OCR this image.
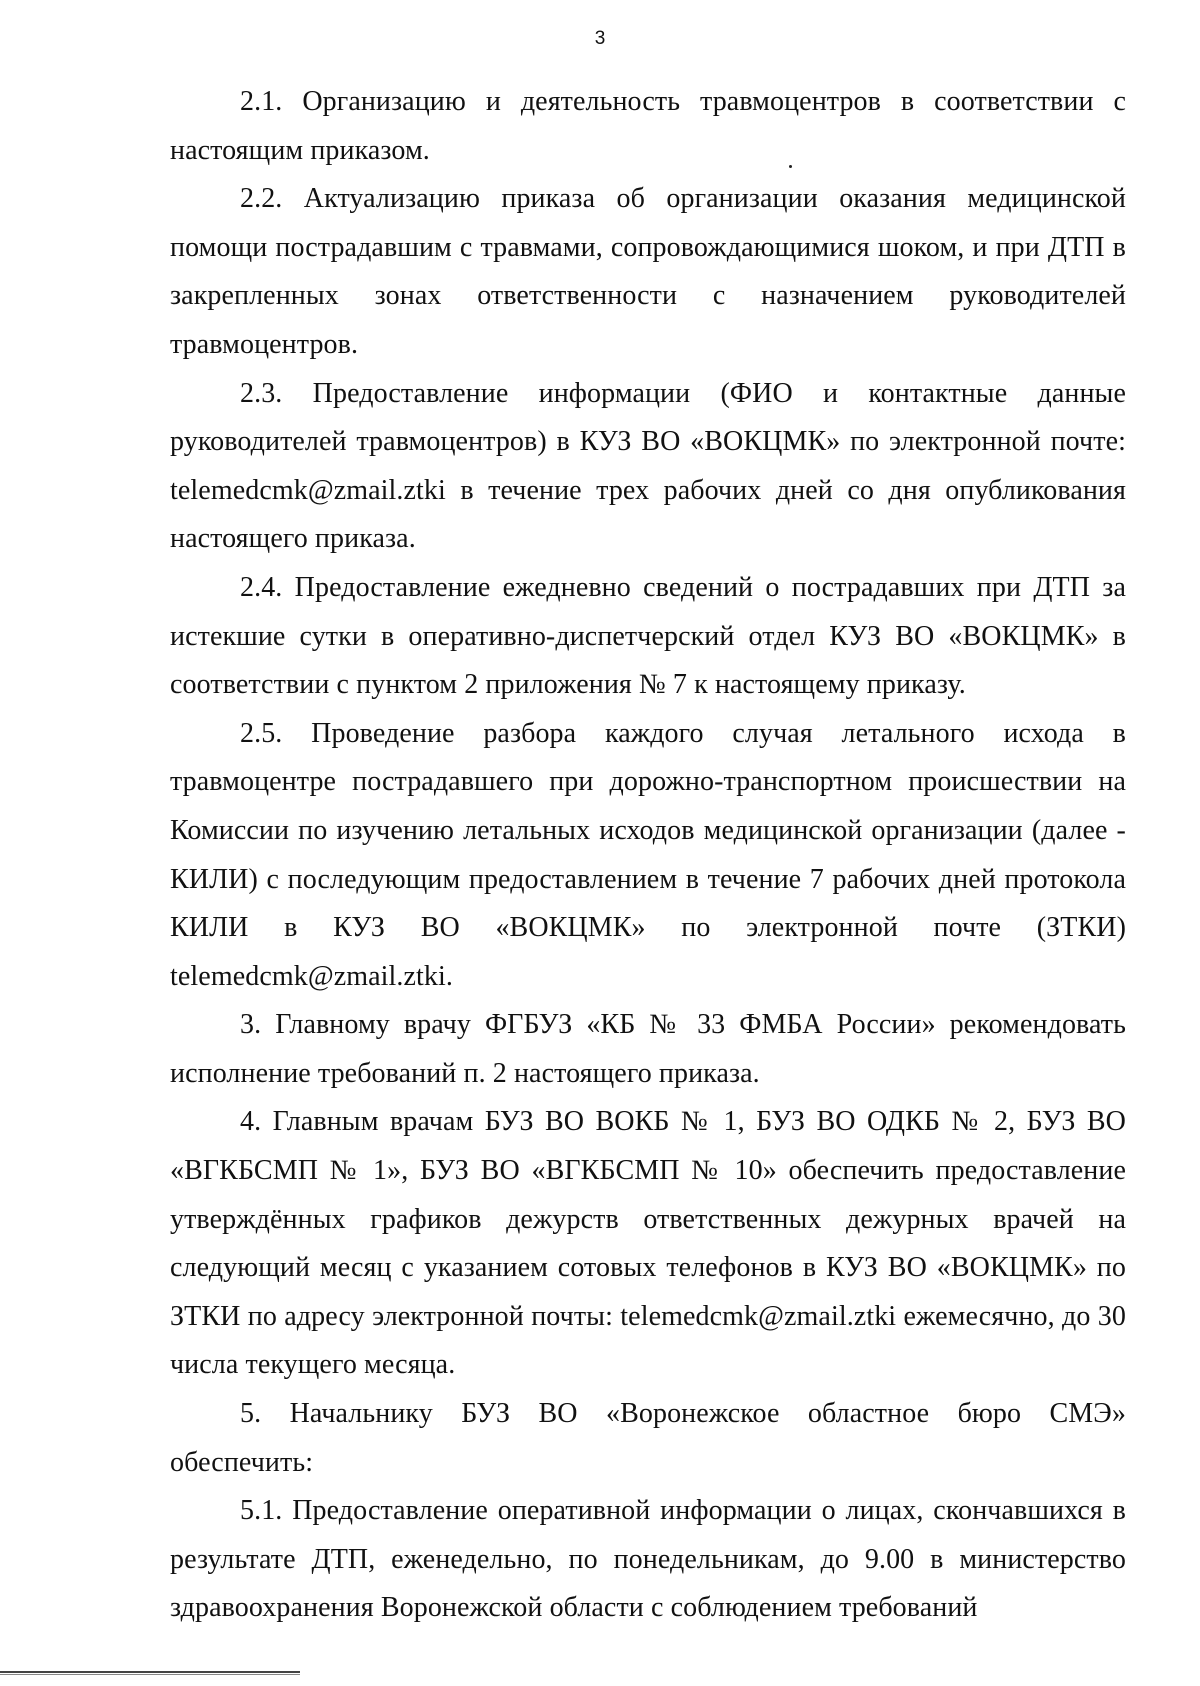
3

2.1. Организацию и деятельность травмоцентров в соответствии с настоящим приказом.

2.2. Актуализацию приказа об организации оказания медицинской помощи пострадавшим с травмами, сопровождающимися шоком, и при ДТП в закрепленных зонах ответственности с назначением руководителей травмоцентров.

2.3. Предоставление информации (ФИО и контактные данные руководителей травмоцентров) в КУЗ ВО «ВОКЦМК» по электронной почте: telemedcmk@zmail.ztki в течение трех рабочих дней со дня опубликования настоящего приказа.

2.4. Предоставление ежедневно сведений о пострадавших при ДТП за истекшие сутки в оперативно-диспетчерский отдел КУЗ ВО «ВОКЦМК» в соответствии с пунктом 2 приложения № 7 к настоящему приказу.

2.5. Проведение разбора каждого случая летального исхода в травмоцентре пострадавшего при дорожно-транспортном происшествии на Комиссии по изучению летальных исходов медицинской организации (далее - КИЛИ) с последующим предоставлением в течение 7 рабочих дней протокола КИЛИ в КУЗ ВО «ВОКЦМК» по электронной почте (ЗТКИ) telemedcmk@zmail.ztki.

3. Главному врачу ФГБУЗ «КБ № 33 ФМБА России» рекомендовать исполнение требований п. 2 настоящего приказа.

4. Главным врачам БУЗ ВО ВОКБ № 1, БУЗ ВО ОДКБ № 2, БУЗ ВО «ВГКБСМП № 1», БУЗ ВО «ВГКБСМП № 10» обеспечить предоставление утверждённых графиков дежурств ответственных дежурных врачей на следующий месяц с указанием сотовых телефонов в КУЗ ВО «ВОКЦМК» по ЗТКИ по адресу электронной почты: telemedcmk@zmail.ztki ежемесячно, до 30 числа текущего месяца.

5. Начальнику БУЗ ВО «Воронежское областное бюро СМЭ» обеспечить:

5.1. Предоставление оперативной информации о лицах, скончавшихся в результате ДТП, еженедельно, по понедельникам, до 9.00 в министерство здравоохранения Воронежской области с соблюдением требований
